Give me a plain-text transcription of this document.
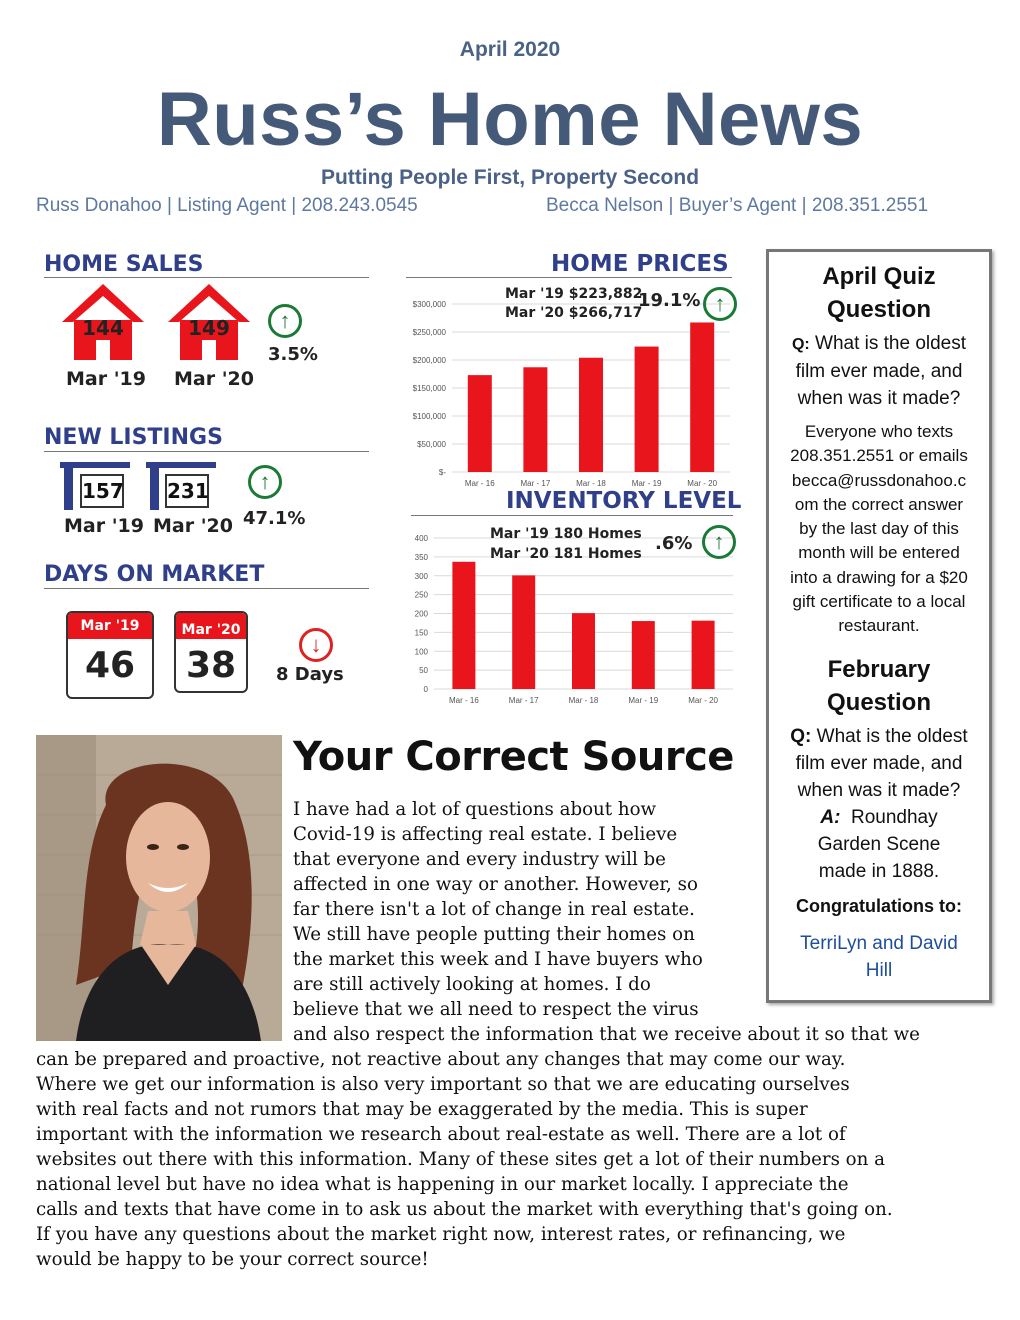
April 2020
Russ’s Home News
Putting People First, Property Second
Russ Donahoo | Listing Agent | 208.243.0545	Becca Nelson | Buyer’s Agent | 208.351.2551
HOME SALES
144
Mar '19
149
Mar '20
↑
3.5%
NEW LISTINGS
157
Mar '19
231
Mar '20
↑
47.1%
DAYS ON MARKET
Mar '19
46
Mar '20
38
↓
8 Days
HOME PRICES
$-
$50,000
$100,000
$150,000
$200,000
$250,000
$300,000
Mar - 16	Mar - 17	Mar - 18	Mar - 19	Mar - 20
Mar '19 $223,882
Mar '20 $266,717
19.1% ↑
INVENTORY LEVEL
0
50
100
150
200
250
300
350
400
Mar - 16	Mar - 17	Mar - 18	Mar - 19	Mar - 20
Mar '19 180 Homes
Mar '20 181 Homes .6% ↑
April Quiz
Question
Q: What is the oldest
film ever made, and
when was it made?
Everyone who texts
208.351.2551 or emails
becca@russdonahoo.c
om the correct answer
by the last day of this
month will be entered
into a drawing for a $20
gift certificate to a local
restaurant.
February
Question
Q: What is the oldest
film ever made, and
when was it made?
A: Roundhay
Garden Scene
made in 1888.
Congratulations to:
TerriLyn and David
Hill
Your Correct Source
I have had a lot of questions about how
Covid-19 is affecting real estate. I believe
that everyone and every industry will be
affected in one way or another. However, so
far there isn't a lot of change in real estate.
We still have people putting their homes on
the market this week and I have buyers who
are still actively looking at homes. I do
believe that we all need to respect the virus
and also respect the information that we receive about it so that we
can be prepared and proactive, not reactive about any changes that may come our way.
Where we get our information is also very important so that we are educating ourselves
with real facts and not rumors that may be exaggerated by the media. This is super
important with the information we research about real-estate as well. There are a lot of
websites out there with this information. Many of these sites get a lot of their numbers on a
national level but have no idea what is happening in our market locally. I appreciate the
calls and texts that have come in to ask us about the market with everything that's going on.
If you have any questions about the market right now, interest rates, or refinancing, we
would be happy to be your correct source!
